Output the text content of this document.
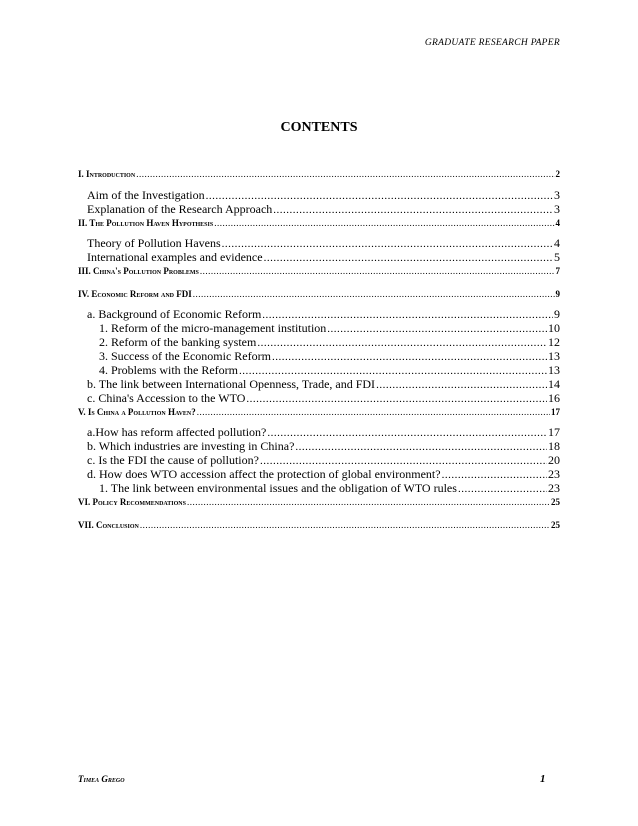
GRADUATE RESEARCH PAPER
CONTENTS
I. Introduction .....	2
Aim of the Investigation .....	3
Explanation of the Research Approach .....	3
II. The Pollution Haven Hypothesis .....	4
Theory of Pollution Havens .....	4
International examples and evidence .....	5
III. China's Pollution Problems .....	7
IV. Economic Reform and FDI .....	9
a. Background of Economic Reform .....	9
1. Reform of the micro-management institution .....	10
2. Reform of the banking system .....	12
3. Success of the Economic Reform .....	13
4. Problems with the Reform .....	13
b. The link between International Openness, Trade, and FDI .....	14
c. China's Accession to the WTO .....	16
V. Is China a Pollution Haven? .....	17
a.How has reform affected pollution? .....	17
b. Which industries are investing in China? .....	18
c. Is the FDI the cause of pollution? .....	20
d. How does WTO accession affect the protection of global environment? .....	23
1. The link between environmental issues and the obligation of WTO rules .....	23
VI. Policy Recommendations .....	25
VII. Conclusion .....	25
Timea Grego	1
